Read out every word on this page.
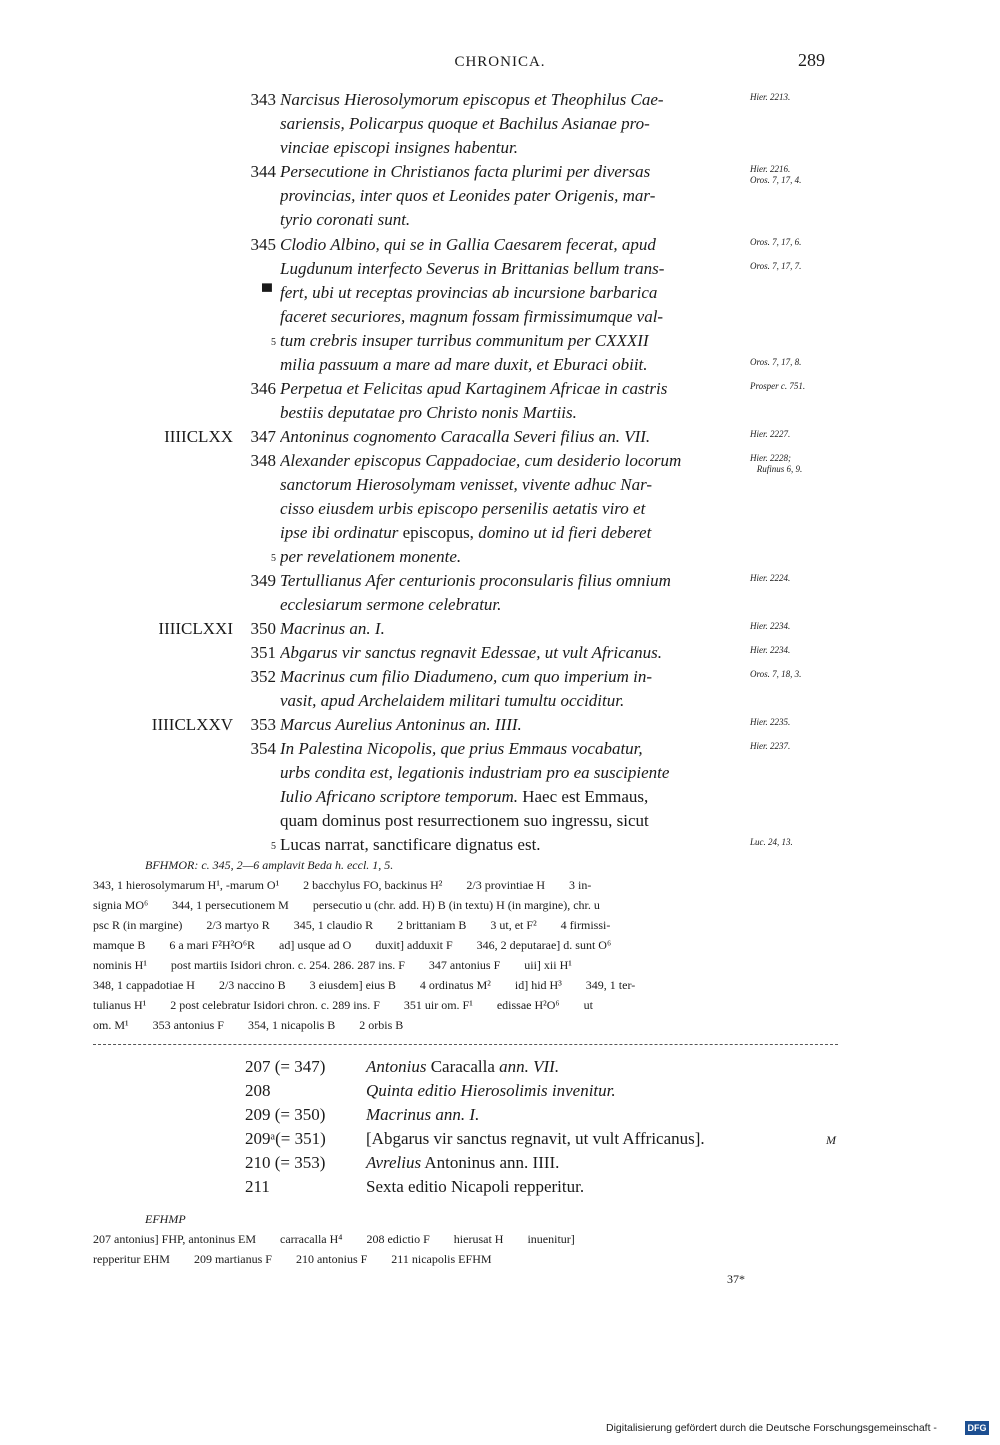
CHRONICA.	289
343 Narcisus Hierosolymorum episcopus et Theophilus Cae-	Hier. 2213.
sariensis, Policarpus quoque et Bachilus Asianae pro-
vinciae episcopi insignes habentur.
344 Persecutione in Christianos facta plurimi per diversas	Hier. 2216.
Oros. 7, 17, 4.
provincias, inter quos et Leonides pater Origenis, mar-
tyrio coronati sunt.
345 Clodio Albino, qui se in Gallia Caesarem fecerat, apud	Oros. 7, 17, 6.
Lugdunum interfecto Severus in Brittanias bellum trans-	Oros. 7, 17, 7.
▀ fert, ubi ut receptas provincias ab incursione barbarica
faceret securiores, magnum fossam firmissimumque val-
5 tum crebris insuper turribus communitum per CXXXII
milia passuum a mare ad mare duxit, et Eburaci obiit.	Oros. 7, 17, 8.
346 Perpetua et Felicitas apud Kartaginem Africae in castris	Prosper c. 751.
bestiis deputatae pro Christo nonis Martiis.
IIIICLXX	347 Antoninus cognomento Caracalla Severi filius an. VII.	Hier. 2227.
348 Alexander episcopus Cappadociae, cum desiderio locorum	Hier. 2228;
Rufinus 6, 9.
sanctorum Hierosolymam venisset, vivente adhuc Nar-
cisso eiusdem urbis episcopo persenilis aetatis viro et
ipse ibi ordinatur episcopus, domino ut id fieri deberet
5 per revelationem monente.
349 Tertullianus Afer centurionis proconsularis filius omnium	Hier. 2224.
ecclesiarum sermone celebratur.
IIIICLXXI	350 Macrinus an. I.	Hier. 2234.
351 Abgarus vir sanctus regnavit Edessae, ut vult Africanus.	Hier. 2234.
352 Macrinus cum filio Diadumeno, cum quo imperium in-	Oros. 7, 18, 3.
vasit, apud Archelaidem militari tumultu occiditur.
IIIICLXXV	353 Marcus Aurelius Antoninus an. IIII.	Hier. 2235.
354 In Palestina Nicopolis, que prius Emmaus vocabatur,	Hier. 2237.
urbs condita est, legationis industriam pro ea suscipiente
Iulio Africano scriptore temporum. Haec est Emmaus,
quam dominus post resurrectionem suo ingressu, sicut
5 Lucas narrat, sanctificare dignatus est.	Luc. 24, 13.
BFHMOR: c. 345, 2—6 amplavit Beda h. eccl. 1, 5.
343, 1 hierosolymarum H¹, -marum O¹        2 bacchylus FO, backinus H²        2/3 provintiae H        3 in-
signia MO⁶        344, 1 persecutionem M        persecutio u (chr. add. H) B (in textu) H (in margine), chr. u
psc R (in margine)        2/3 martyo R        345, 1 claudio R        2 brittaniam B        3 ut, et F²        4 firmissi-
mamque B        6 a mari F²H²O⁶R        ad] usque ad O        duxit] adduxit F        346, 2 deputarae] d. sunt O⁶
nominis H¹        post martiis Isidori chron. c. 254. 286. 287 ins. F        347 antonius F        uii] xii H¹
348, 1 cappadotiae H        2/3 naccino B        3 eiusdem] eius B        4 ordinatus M²        id] hid H³        349, 1 ter-
tulianus H¹        2 post celebratur Isidori chron. c. 289 ins. F        351 uir om. F¹        edissae H²O⁶        ut
om. M¹        353 antonius F        354, 1 nicapolis B        2 orbis B
207 (= 347) Antonius Caracalla ann. VII.
208	Quinta editio Hierosolimis invenitur.
209 (= 350) Macrinus ann. I.
209ᵃ(= 351) [Abgarus vir sanctus regnavit, ut vult Affricanus].	M
210 (= 353) Avrelius Antoninus ann. IIII.
211	Sexta editio Nicapoli repperitur.
EFHMP
207 antonius] FHP, antoninus EM        carracalla H⁴        208 edictio F        hierusat H        inuenitur]
repperitur EHM        209 martianus F        210 antonius F        211 nicapolis EFHM
37*
Digitalisierung gefördert durch die Deutsche Forschungsgemeinschaft -	DFG
